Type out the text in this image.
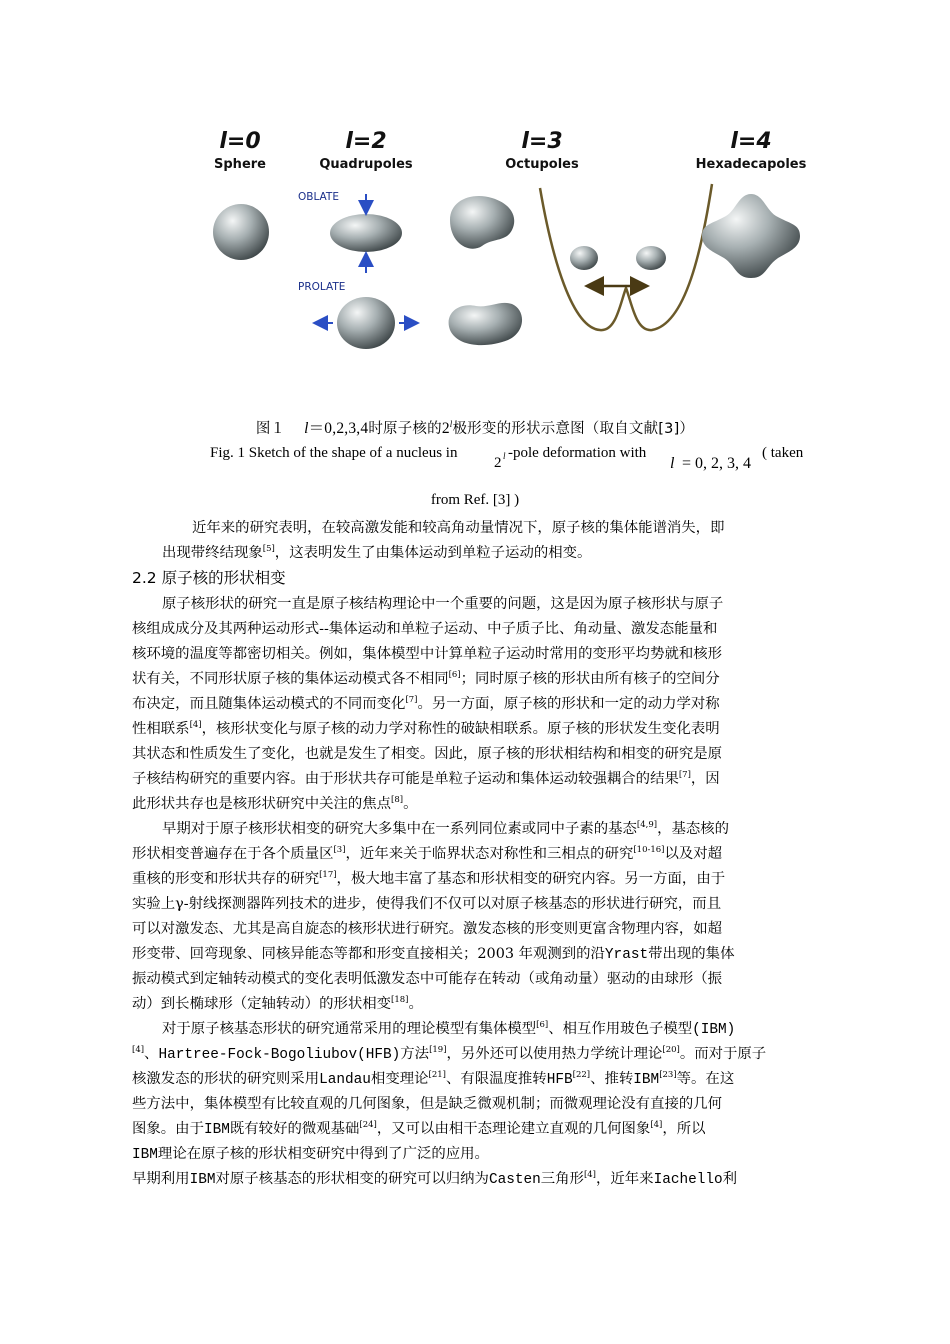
l=0
Sphere
l=2
Quadrupoles
l=3
Octupoles
l=4
Hexadecapoles
OBLATE
PROLATE
图１ l＝0,2,3,4时原子核的2$^l$极形变的形状示意图（取自文献[3]）
Fig. 1 Sketch of the shape of a nucleus in
2 l -pole deformation with
l = 0, 2, 3, 4
( taken
from Ref. [3] )
近年来的研究表明，在较高激发能和较高角动量情况下，原子核的集体能谱消失，即
出现带终结现象[5]，这表明发生了由集体运动到单粒子运动的相变。
2.2 原子核的形状相变
原子核形状的研究一直是原子核结构理论中一个重要的问题，这是因为原子核形状与原子
核组成成分及其两种运动形式--集体运动和单粒子运动、中子质子比、角动量、激发态能量和
核环境的温度等都密切相关。例如，集体模型中计算单粒子运动时常用的变形平均势就和核形
状有关，不同形状原子核的集体运动模式各不相同[6]；同时原子核的形状由所有核子的空间分
布决定，而且随集体运动模式的不同而变化[7]。另一方面，原子核的形状和一定的动力学对称
性相联系[4]，核形状变化与原子核的动力学对称性的破缺相联系。原子核的形状发生变化表明
其状态和性质发生了变化，也就是发生了相变。因此，原子核的形状相结构和相变的研究是原
子核结构研究的重要内容。由于形状共存可能是单粒子运动和集体运动较强耦合的结果[7]，因
此形状共存也是核形状研究中关注的焦点[8]。
早期对于原子核形状相变的研究大多集中在一系列同位素或同中子素的基态[4,9]，基态核的
形状相变普遍存在于各个质量区[3]，近年来关于临界状态对称性和三相点的研究[10-16]以及对超
重核的形变和形状共存的研究[17]，极大地丰富了基态和形状相变的研究内容。另一方面，由于
实验上γ-射线探测器阵列技术的进步，使得我们不仅可以对原子核基态的形状进行研究，而且
可以对激发态、尤其是高自旋态的核形状进行研究。激发态核的形变则更富含物理内容，如超
形变带、回弯现象、同核异能态等都和形变直接相关；2003 年观测到的沿Yrast带出现的集体
振动模式到定轴转动模式的变化表明低激发态中可能存在转动（或角动量）驱动的由球形（振
动）到长椭球形（定轴转动）的形状相变[18]。
对于原子核基态形状的研究通常采用的理论模型有集体模型[6]、相互作用玻色子模型(IBM)
[4]、Hartree-Fock-Bogoliubov(HFB)方法[19]，另外还可以使用热力学统计理论[20]。而对于原子
核激发态的形状的研究则采用Landau相变理论[21]、有限温度推转HFB[22]、推转IBM[23]等。在这
些方法中，集体模型有比较直观的几何图象，但是缺乏微观机制；而微观理论没有直接的几何
图象。由于IBM既有较好的微观基础[24]，又可以由相干态理论建立直观的几何图象[4]，所以
IBM理论在原子核的形状相变研究中得到了广泛的应用。
早期利用IBM对原子核基态的形状相变的研究可以归纳为Casten三角形[4]，近年来Iachello利
